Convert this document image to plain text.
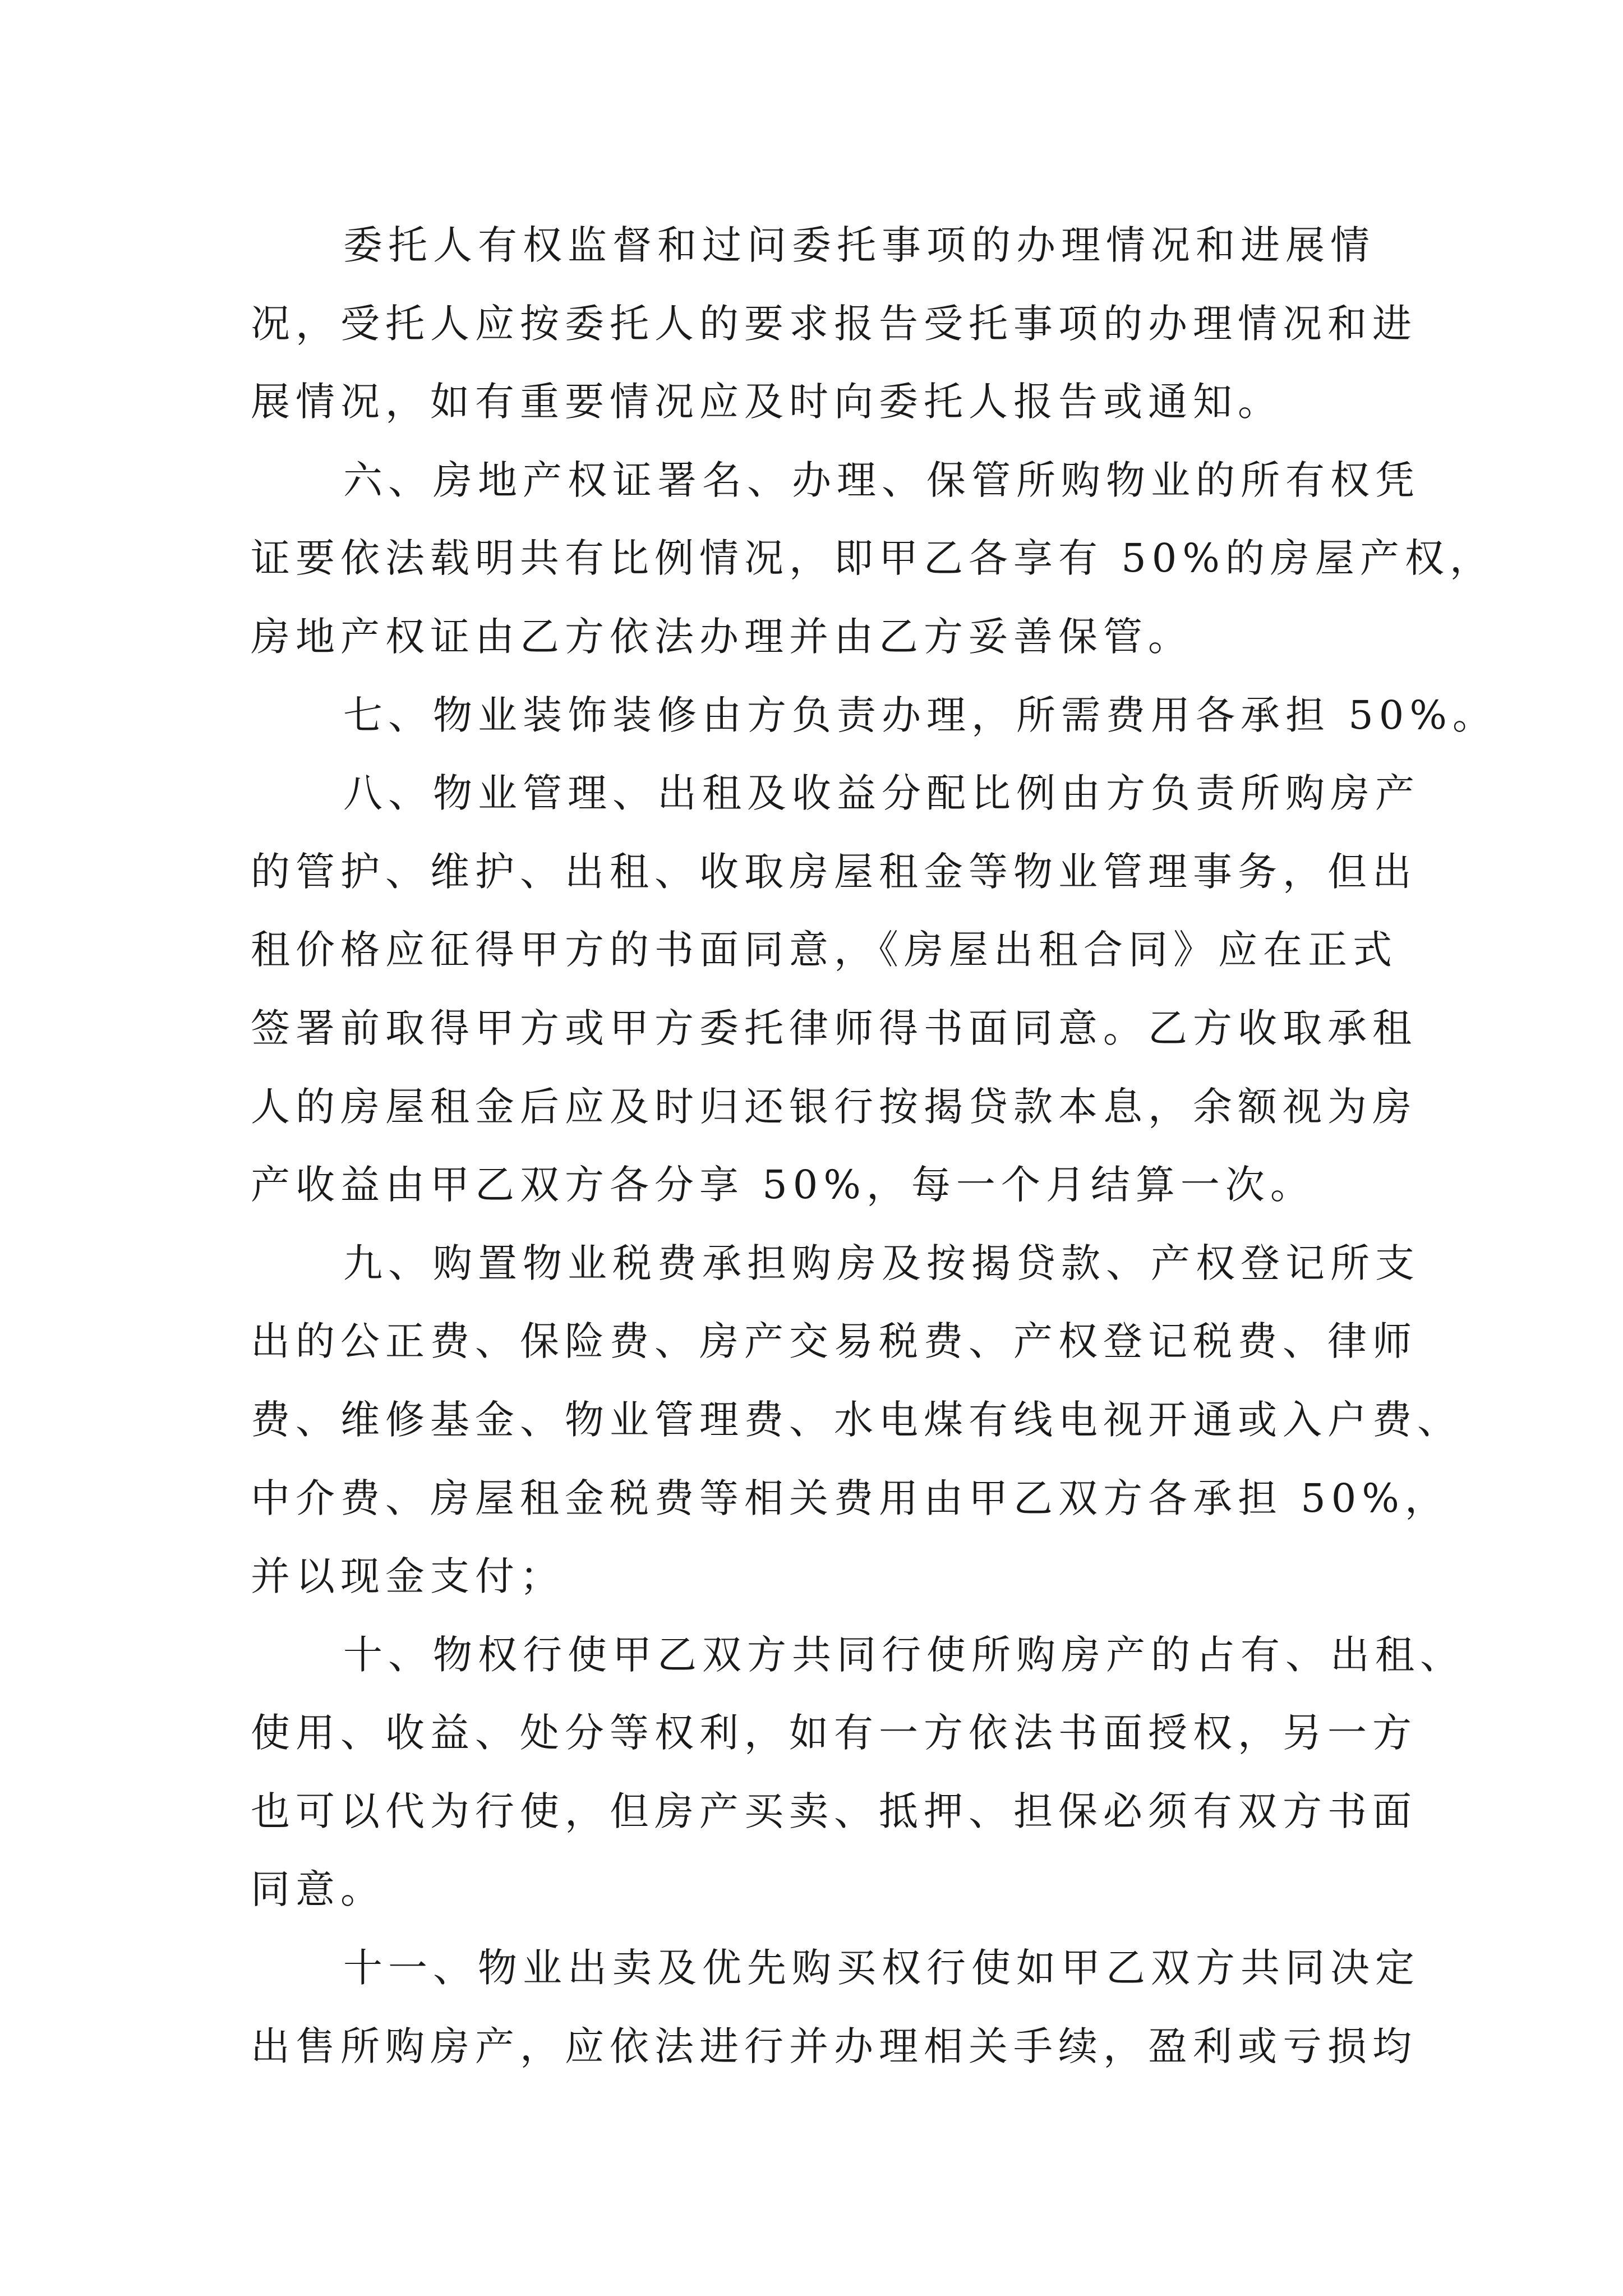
委托人有权监督和过问委托事项的办理情况和进展情
况，受托人应按委托人的要求报告受托事项的办理情况和进
展情况，如有重要情况应及时向委托人报告或通知。
六、房地产权证署名、办理、保管所购物业的所有权凭
证要依法载明共有比例情况，即甲乙各享有 50%的房屋产权，
房地产权证由乙方依法办理并由乙方妥善保管。
七、物业装饰装修由方负责办理，所需费用各承担 50%。
八、物业管理、出租及收益分配比例由方负责所购房产
的管护、维护、出租、收取房屋租金等物业管理事务，但出
租价格应征得甲方的书面同意，《房屋出租合同》应在正式
签署前取得甲方或甲方委托律师得书面同意。乙方收取承租
人的房屋租金后应及时归还银行按揭贷款本息，余额视为房
产收益由甲乙双方各分享 50%，每一个月结算一次。
九、购置物业税费承担购房及按揭贷款、产权登记所支
出的公正费、保险费、房产交易税费、产权登记税费、律师
费、维修基金、物业管理费、水电煤有线电视开通或入户费、
中介费、房屋租金税费等相关费用由甲乙双方各承担 50%，
并以现金支付；
十、物权行使甲乙双方共同行使所购房产的占有、出租、
使用、收益、处分等权利，如有一方依法书面授权，另一方
也可以代为行使，但房产买卖、抵押、担保必须有双方书面
同意。
十一、物业出卖及优先购买权行使如甲乙双方共同决定
出售所购房产，应依法进行并办理相关手续，盈利或亏损均
